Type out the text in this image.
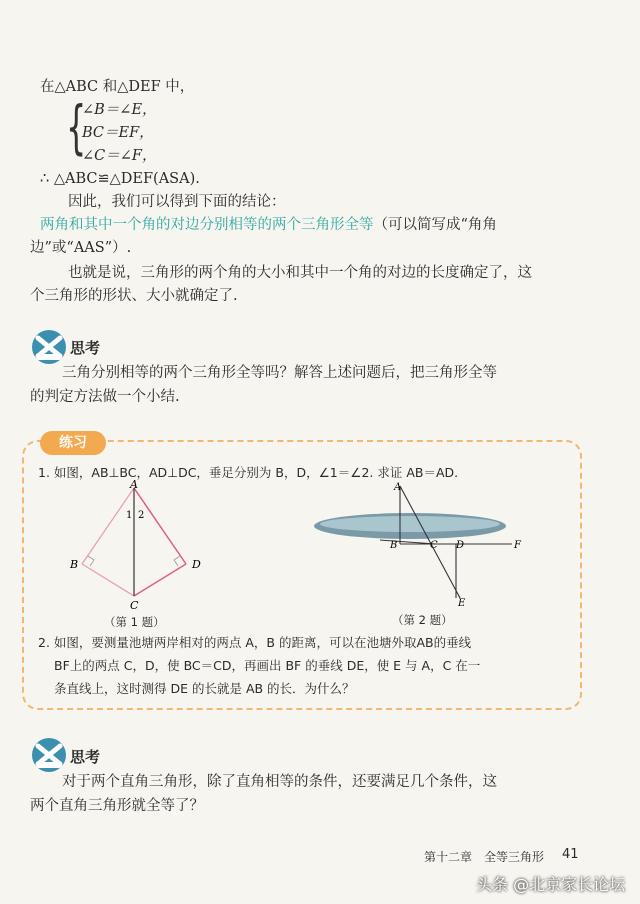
在△ABC 和△DEF 中，
{
∠B＝∠E，
BC＝EF，
∠C＝∠F，
∴ △ABC≌△DEF(ASA).
因此，我们可以得到下面的结论：
两角和其中一个角的对边分别相等的两个三角形全等（可以简写成“角角
边”或“AAS”）.
也就是说，三角形的两个角的大小和其中一个角的对边的长度确定了，这
个三角形的形状、大小就确定了.
思考
三角分别相等的两个三角形全等吗？解答上述问题后，把三角形全等
的判定方法做一个小结.
练习
1. 如图，AB⊥BC，AD⊥DC，垂足分别为 B，D，∠1＝∠2. 求证 AB＝AD.
A
B
C
D
1 2
（第 1 题）
A
B	C D
E
F
（第 2 题）
2. 如图，要测量池塘两岸相对的两点 A，B 的距离，可以在池塘外取AB的垂线
BF上的两点 C，D，使 BC＝CD，再画出 BF 的垂线 DE，使 E 与 A，C 在一
条直线上，这时测得 DE 的长就是 AB 的长．为什么？
思考
对于两个直角三角形，除了直角相等的条件，还要满足几个条件，这
两个直角三角形就全等了？
第十二章　全等三角形 41
头条 @北京家长论坛
